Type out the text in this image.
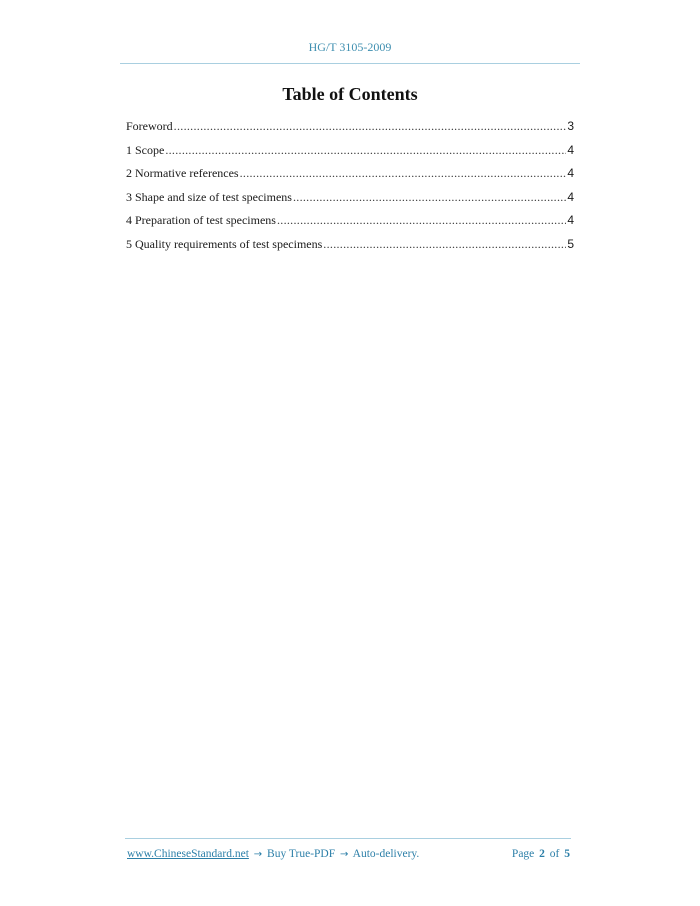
HG/T 3105-2009
Table of Contents
Foreword .....	3
1 Scope .....	4
2 Normative references .....	4
3 Shape and size of test specimens .....	4
4 Preparation of test specimens .....	4
5 Quality requirements of test specimens .....	5
www.ChineseStandard.net → Buy True-PDF → Auto-delivery.	Page 2 of 5
